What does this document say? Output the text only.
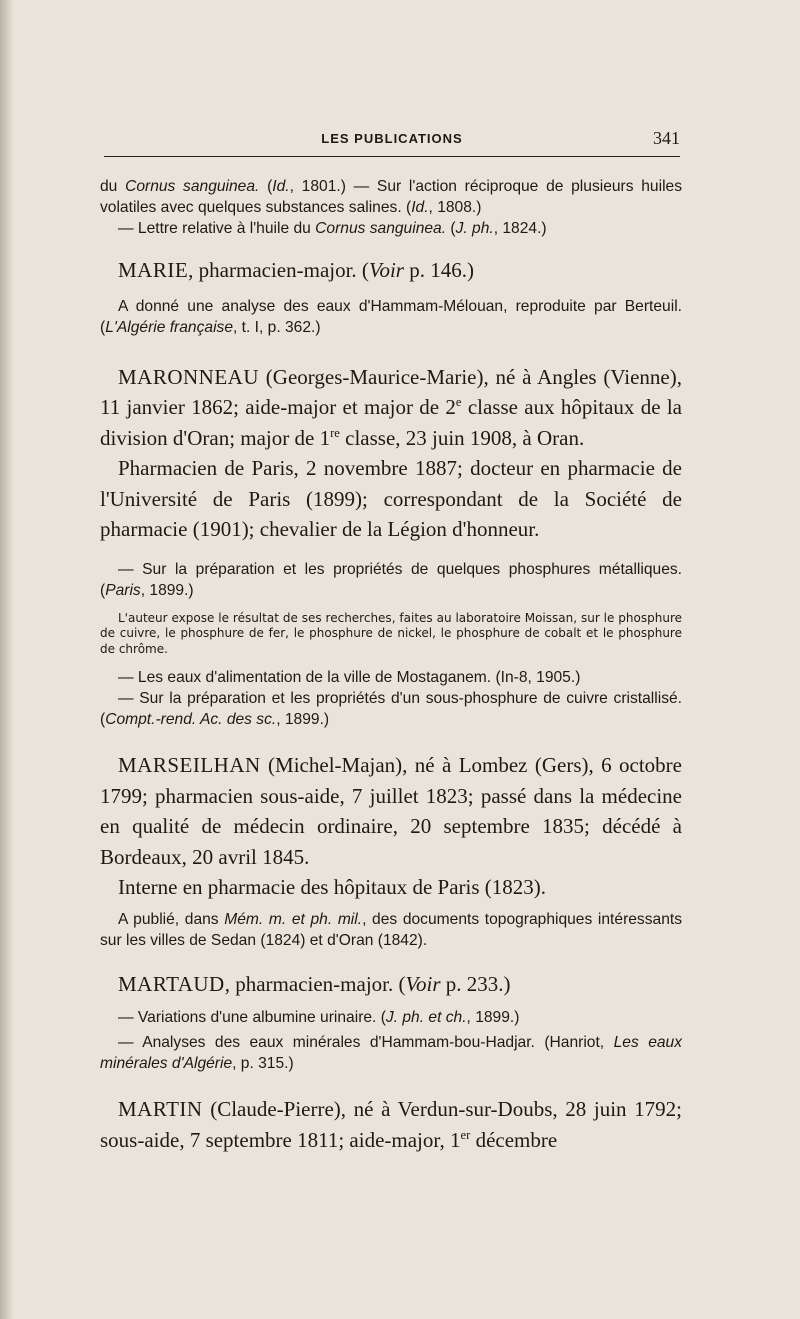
LES PUBLICATIONS	341

du Cornus sanguinea. (Id., 1801.) — Sur l'action réciproque de plusieurs huiles volatiles avec quelques substances salines. (Id., 1808.)

— Lettre relative à l'huile du Cornus sanguinea. (J. ph., 1824.)

MARIE, pharmacien-major. (Voir p. 146.)

A donné une analyse des eaux d'Hammam-Mélouan, reproduite par Berteuil. (L'Algérie française, t. I, p. 362.)

MARONNEAU (Georges-Maurice-Marie), né à Angles (Vienne), 11 janvier 1862; aide-major et major de 2e classe aux hôpitaux de la division d'Oran; major de 1re classe, 23 juin 1908, à Oran.

Pharmacien de Paris, 2 novembre 1887; docteur en pharmacie de l'Université de Paris (1899); correspondant de la Société de pharmacie (1901); chevalier de la Légion d'honneur.

— Sur la préparation et les propriétés de quelques phosphures métalliques. (Paris, 1899.)

L'auteur expose le résultat de ses recherches, faites au laboratoire Moissan, sur le phosphure de cuivre, le phosphure de fer, le phosphure de nickel, le phosphure de cobalt et le phosphure de chrôme.

— Les eaux d'alimentation de la ville de Mostaganem. (In-8, 1905.)

— Sur la préparation et les propriétés d'un sous-phosphure de cuivre cristallisé. (Compt.-rend. Ac. des sc., 1899.)

MARSEILHAN (Michel-Majan), né à Lombez (Gers), 6 octobre 1799; pharmacien sous-aide, 7 juillet 1823; passé dans la médecine en qualité de médecin ordinaire, 20 septembre 1835; décédé à Bordeaux, 20 avril 1845.

Interne en pharmacie des hôpitaux de Paris (1823).

A publié, dans Mém. m. et ph. mil., des documents topographiques intéressants sur les villes de Sedan (1824) et d'Oran (1842).

MARTAUD, pharmacien-major. (Voir p. 233.)

— Variations d'une albumine urinaire. (J. ph. et ch., 1899.)

— Analyses des eaux minérales d'Hammam-bou-Hadjar. (Hanriot, Les eaux minérales d'Algérie, p. 315.)

MARTIN (Claude-Pierre), né à Verdun-sur-Doubs, 28 juin 1792; sous-aide, 7 septembre 1811; aide-major, 1er décembre
